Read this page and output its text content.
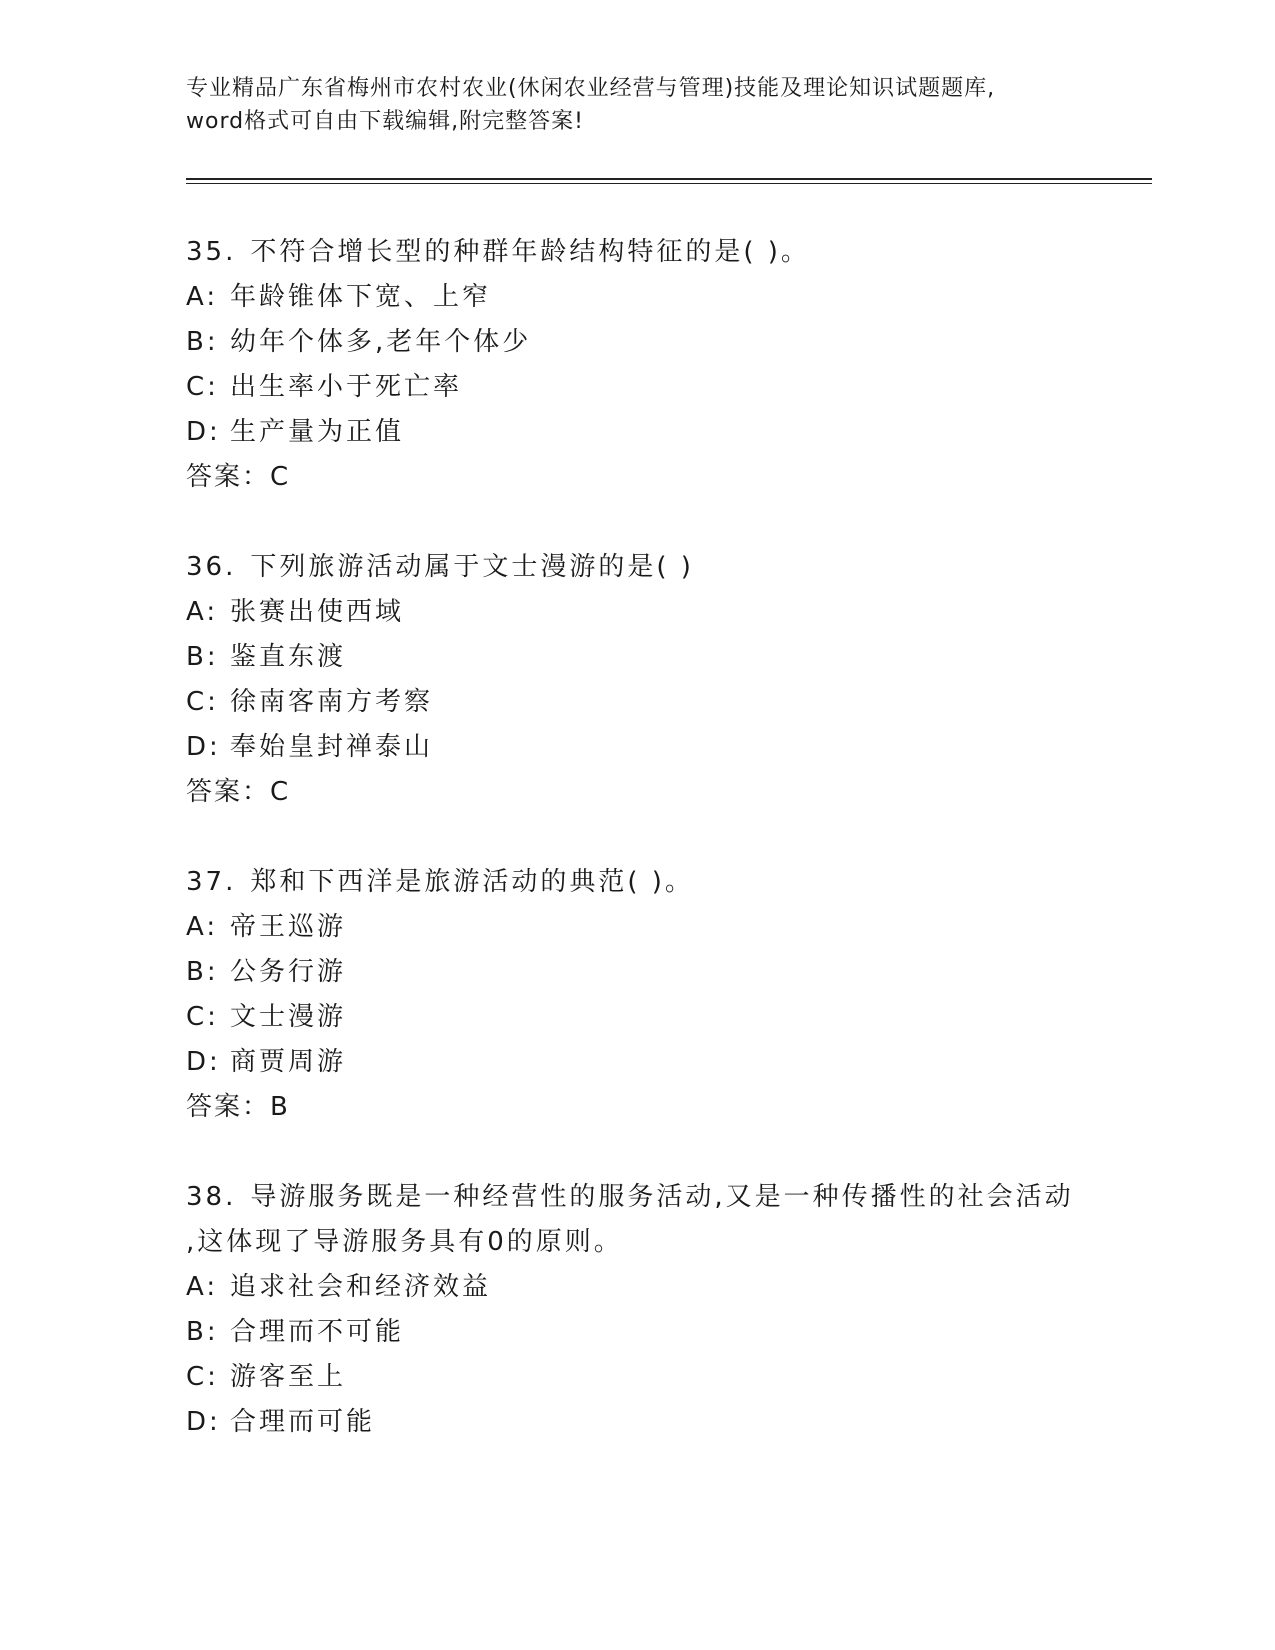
专业精品广东省梅州市农村农业(休闲农业经营与管理)技能及理论知识试题题库,
word格式可自由下载编辑,附完整答案!
35. 不符合增长型的种群年龄结构特征的是( )。
A: 年龄锥体下宽、上窄
B: 幼年个体多,老年个体少
C: 出生率小于死亡率
D: 生产量为正值
答案：C
36. 下列旅游活动属于文士漫游的是( )
A: 张赛出使西域
B: 鉴直东渡
C: 徐南客南方考察
D: 奉始皇封禅泰山
答案：C
37. 郑和下西洋是旅游活动的典范( )。
A: 帝王巡游
B: 公务行游
C: 文士漫游
D: 商贾周游
答案：B
38. 导游服务既是一种经营性的服务活动,又是一种传播性的社会活动
,这体现了导游服务具有0的原则。
A: 追求社会和经济效益
B: 合理而不可能
C: 游客至上
D: 合理而可能
